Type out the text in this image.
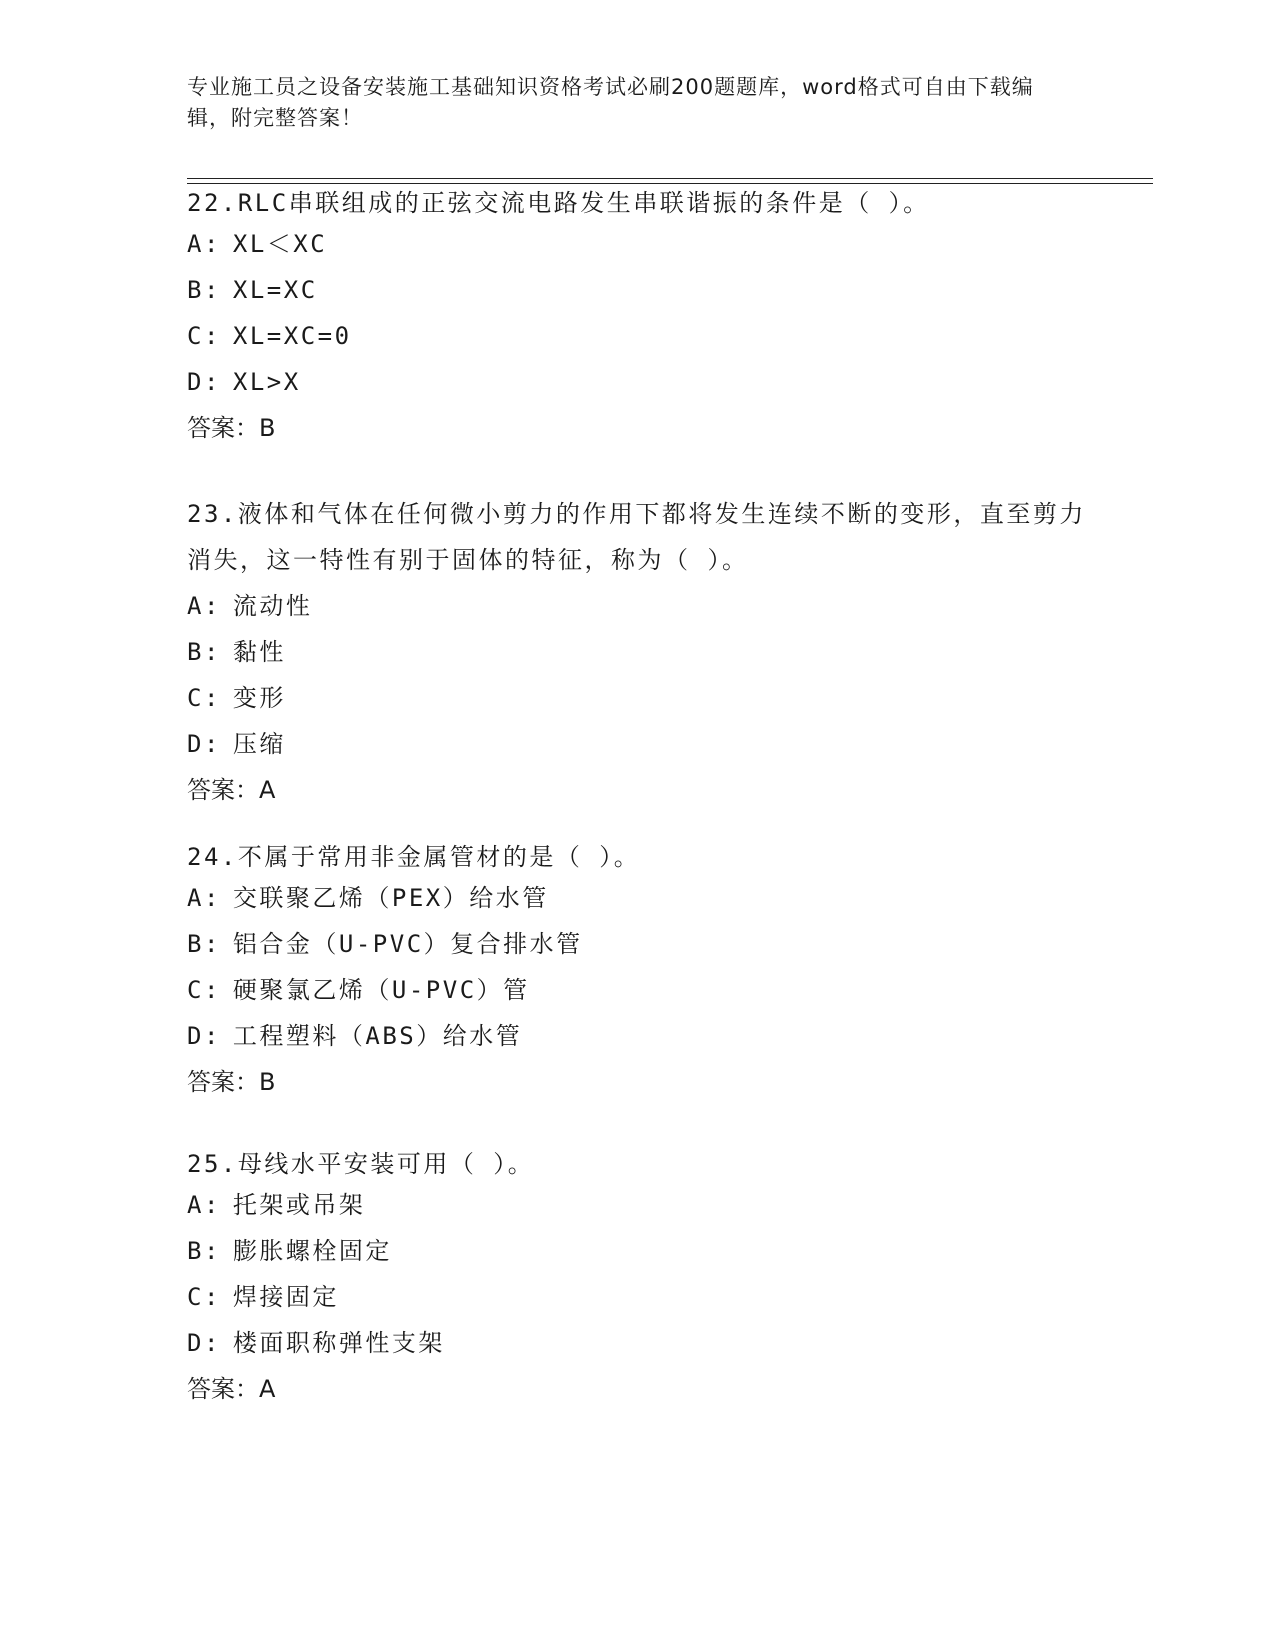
专业施工员之设备安装施工基础知识资格考试必刷200题题库，word格式可自由下载编辑，附完整答案！
22.RLC串联组成的正弦交流电路发生串联谐振的条件是（ ）。
A: XL＜XC
B: XL=XC
C: XL=XC=0
D: XL>X
答案：B
23.液体和气体在任何微小剪力的作用下都将发生连续不断的变形，直至剪力消失，这一特性有别于固体的特征，称为（ ）。
A: 流动性
B: 黏性
C: 变形
D: 压缩
答案：A
24.不属于常用非金属管材的是（ ）。
A: 交联聚乙烯（PEX）给水管
B: 铝合金（U-PVC）复合排水管
C: 硬聚氯乙烯（U-PVC）管
D: 工程塑料（ABS）给水管
答案：B
25.母线水平安装可用（ ）。
A: 托架或吊架
B: 膨胀螺栓固定
C: 焊接固定
D: 楼面职称弹性支架
答案：A
